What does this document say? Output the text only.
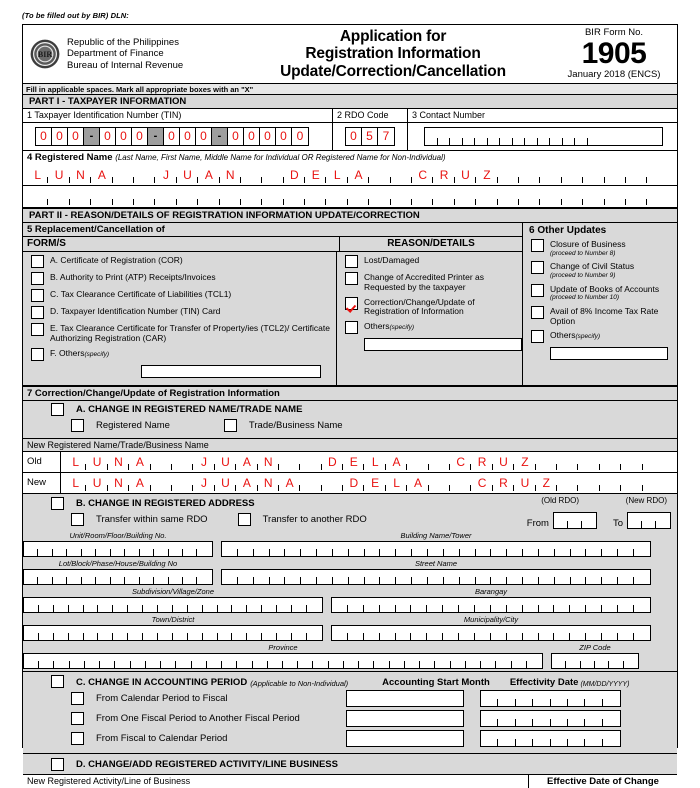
(To be filled out by BIR) DLN:
BIR
Republic of the Philippines
Department of Finance
Bureau of Internal Revenue
Application for
Registration Information
Update/Correction/Cancellation
BIR Form No.
1905
January 2018 (ENCS)
Fill in applicable spaces. Mark all appropriate boxes with an "X"
PART I - TAXPAYER INFORMATION
1 Taxpayer Identification Number (TIN)	2 RDO Code	3 Contact Number
0 0 0 - 0 0 0 - 0 0 0 - 0 0 0 0 0	0 5 7
4 Registered Name (Last Name, First Name, Middle Name for Individual OR Registered Name for Non-Individual)
L	U	N	A	J	U	A	N	D	E	L	A	C	R	U	Z
PART II - REASON/DETAILS OF REGISTRATION INFORMATION UPDATE/CORRECTION
5 Replacement/Cancellation of
FORM/S	REASON/DETAILS
A. Certificate of Registration (COR)
B. Authority to Print (ATP) Receipts/Invoices
C. Tax Clearance Certificate of Liabilities (TCL1)
D. Taxpayer Identification Number (TIN) Card
E. Tax Clearance Certificate for Transfer of Property/ies (TCL2)/ Certificate Authorizing Registration (CAR)
F. Others(specify)
Lost/Damaged
Change of Accredited Printer as Requested by the taxpayer
Correction/Change/Update of Registration of Information
Others(specify)
6 Other Updates
Closure of Business
(proceed to Number 8)
Change of Civil Status
(proceed to Number 9)
Update of Books of Accounts
(proceed to Number 10)
Avail of 8% Income Tax Rate Option
Others(specify)
7 Correction/Change/Update of Registration Information
A. CHANGE IN REGISTERED NAME/TRADE NAME
Registered Name	Trade/Business Name
New Registered Name/Trade/Business Name
Old	L	U	N	A	J	U	A	N	D	E	L	A	C	R	U	Z
New	L	U	N	A	J	U	A	N	A	D	E	L	A	C	R	U	Z
B. CHANGE IN REGISTERED ADDRESS
Transfer within same RDO	Transfer to another RDO	From	To
(Old RDO)	(New RDO)
Unit/Room/Floor/Building No.	Building Name/Tower
Lot/Block/Phase/House/Building No	Street Name
Subdivision/Village/Zone	Barangay
Town/District	Municipality/City
Province	ZIP Code
C. CHANGE IN ACCOUNTING PERIOD (Applicable to Non-Individual)	Accounting Start Month Effectivity Date (MM/DD/YYYY)
From Calendar Period to Fiscal
From One Fiscal Period to Another Fiscal Period
From Fiscal to Calendar Period
D. CHANGE/ADD REGISTERED ACTIVITY/LINE BUSINESS
New Registered Activity/Line of Business	Effective Date of Change
